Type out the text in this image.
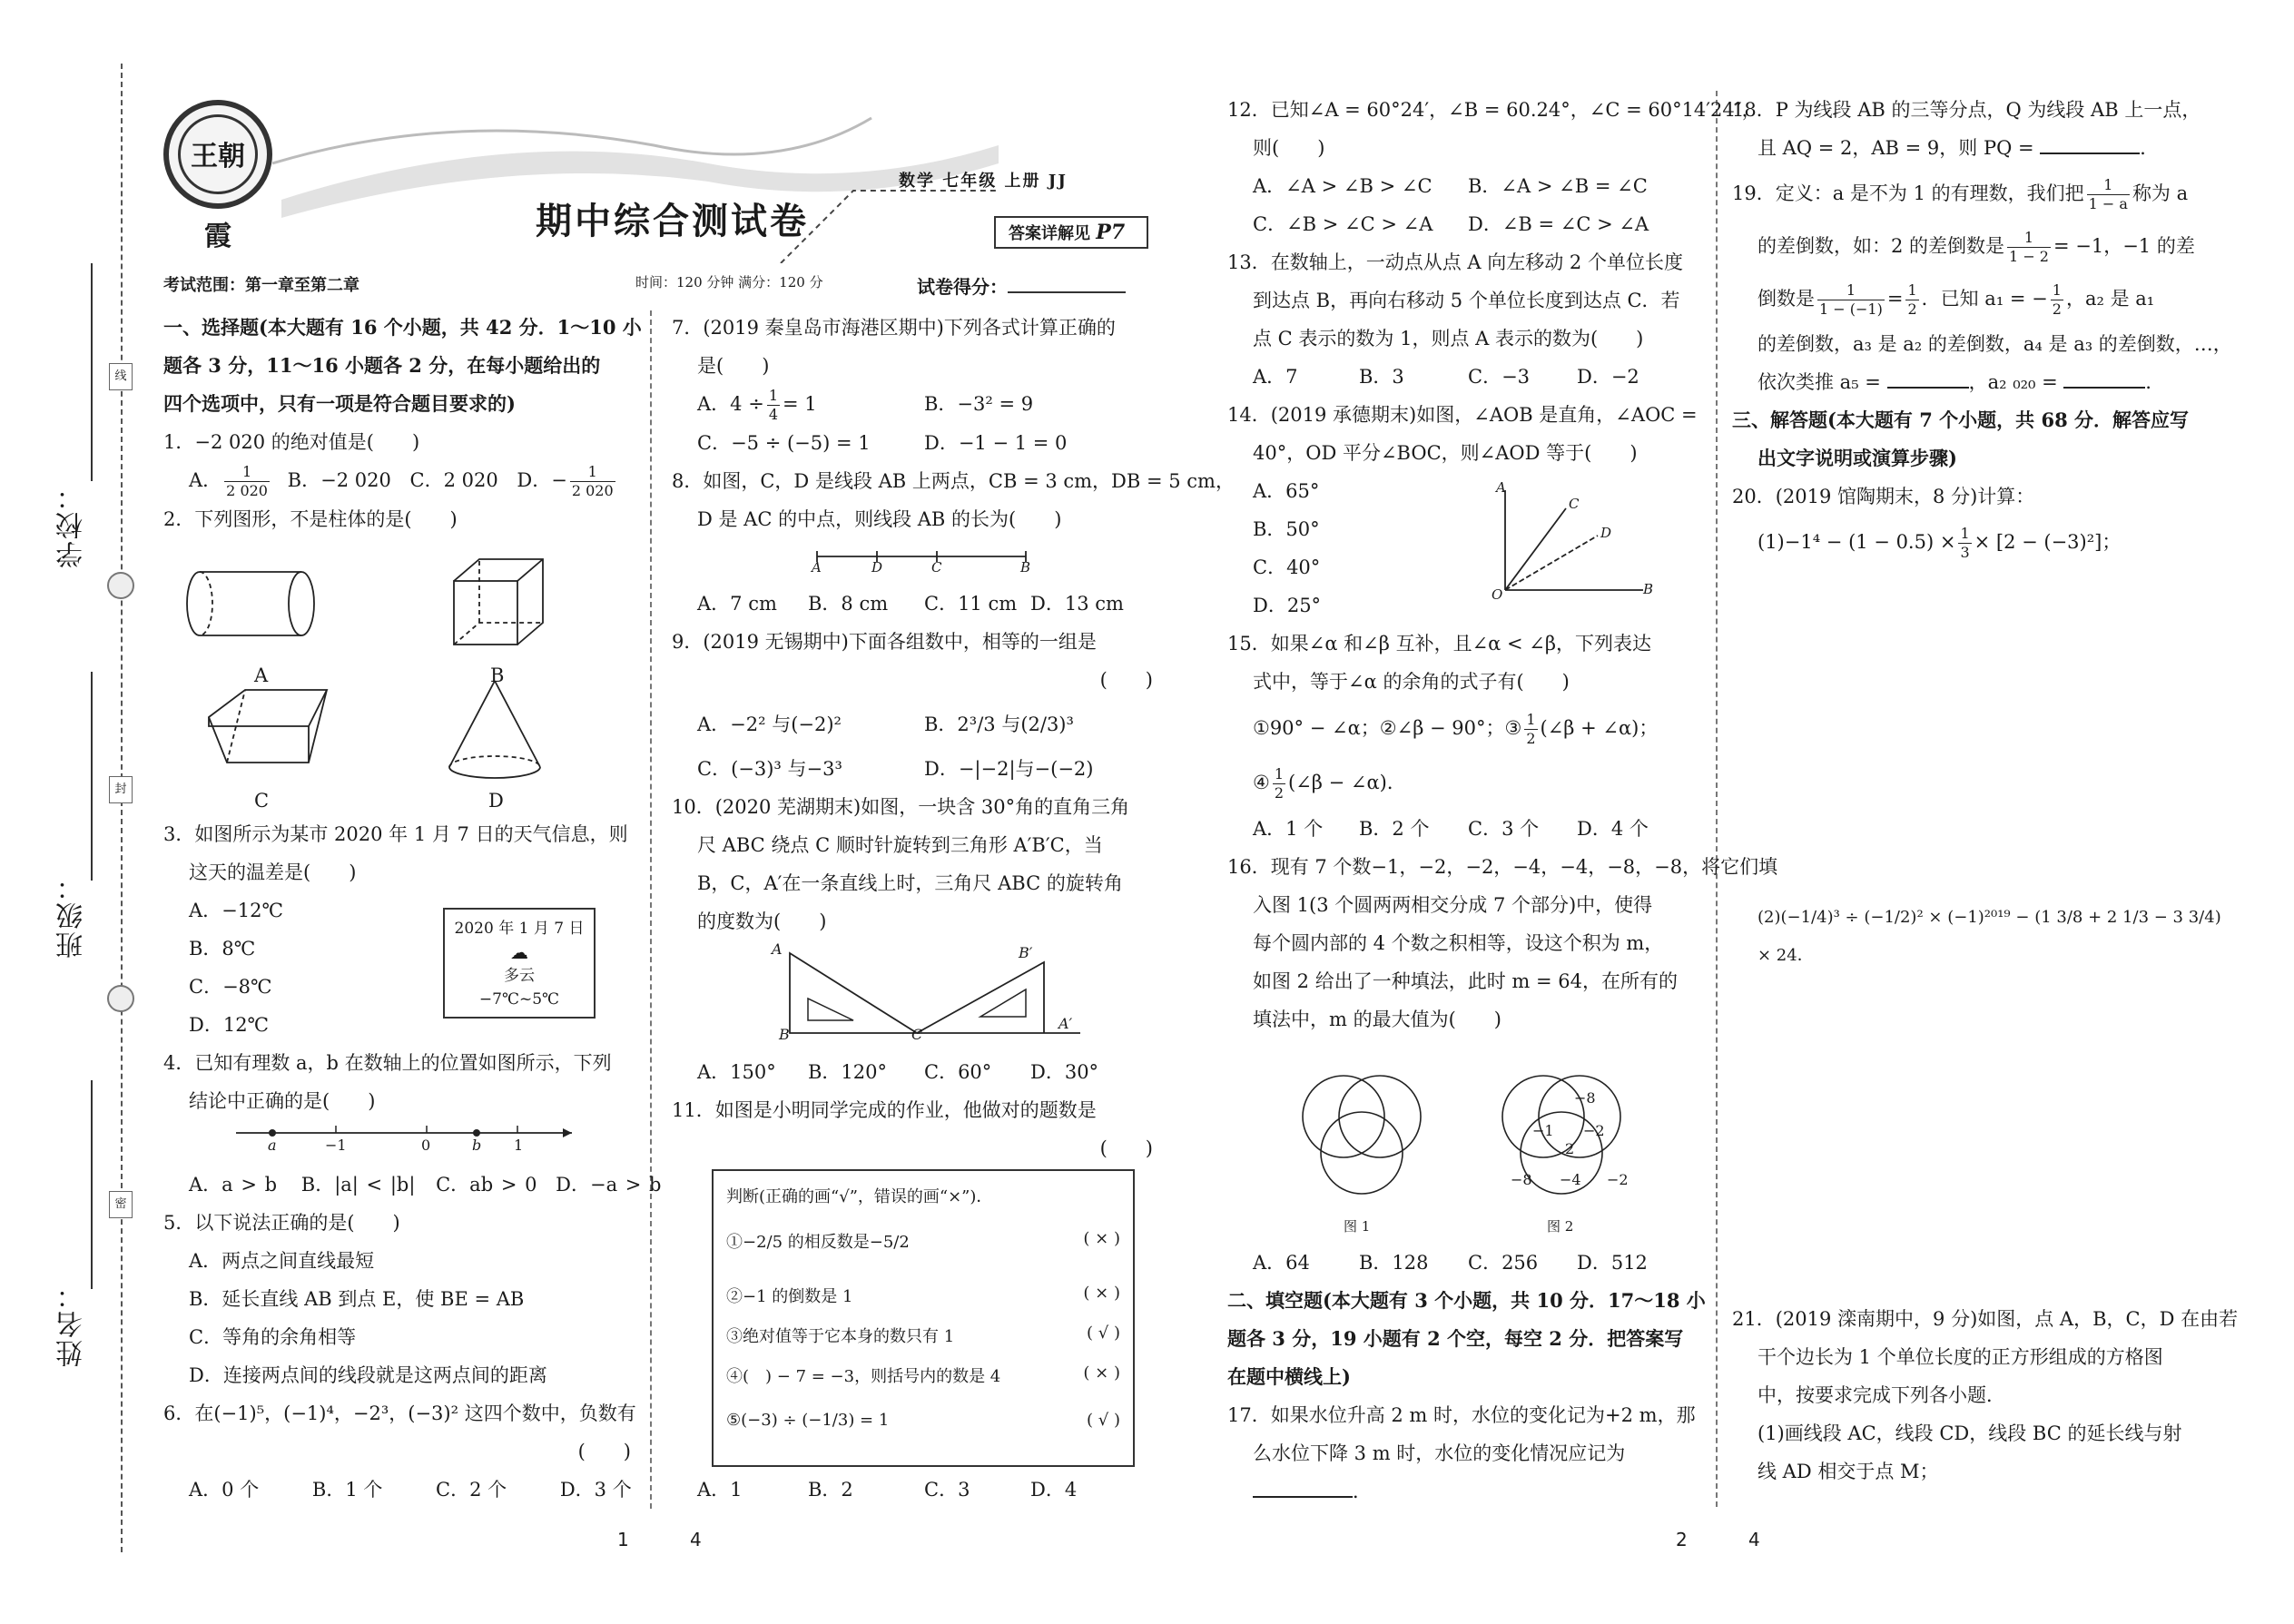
线
封
密
学校：
班级：
姓名：
王朝霞	期中综合测试卷
数学 七年级 上册 JJ
答案详解见 P7
考试范围：第一章至第二章	时间：120 分钟 满分：120 分	试卷得分：
一、选择题(本大题有 16 个小题，共 42 分．1～10 小
题各 3 分，11～16 小题各 2 分，在每小题给出的
四个选项中，只有一项是符合题目要求的)
1．−2 020 的绝对值是(　　)
A． $\frac{1}{2 020}$ B．−2 020 C．2 020 D．− $\frac{1}{2 020}$
2．下列图形，不是柱体的是(　　)
A	B
C	D
3．如图所示为某市 2020 年 1 月 7 日的天气信息，则
这天的温差是(　　)
A．−12℃
B．8℃
C．−8℃
D．12℃
4．已知有理数 a，b 在数轴上的位置如图所示，下列
结论中正确的是(　　)
2020 年 1 月 7 日
☁
多云
−7℃~5℃
a	−1	0	b 1
A．a > b B．|a| < |b| C．ab > 0 D．−a > b
5．以下说法正确的是(　　)
A．两点之间直线最短
B．延长直线 AB 到点 E，使 BE = AB
C．等角的余角相等
D．连接两点间的线段就是这两点间的距离
6．在(−1)⁵，(−1)⁴，−2³，(−3)² 这四个数中，负数有
(　　)
A．0 个	B．1 个	C．2 个	D．3 个
7．(2019 秦皇岛市海港区期中)下列各式计算正确的
是(　　)
A．$4 \div \frac{1}{4} = 1$	B．−3² = 9
C．−5 ÷ (−5) = 1	D．−1 − 1 = 0
8．如图，C，D 是线段 AB 上两点，CB = 3 cm，DB = 5 cm，
D 是 AC 的中点，则线段 AB 的长为(　　)
A	D	C	B
A．7 cm B．8 cm C．11 cm D．13 cm
9．(2019 无锡期中)下面各组数中，相等的一组是
(　　)
A．−2² 与(−2)²	B．2³/3 与(2/3)³
C．(−3)³ 与−3³	D．−|−2|与−(−2)
10．(2020 芜湖期末)如图，一块含 30°角的直角三角
尺 ABC 绕点 C 顺时针旋转到三角形 A′B′C，当
B，C，A′在一条直线上时，三角尺 ABC 的旋转角
的度数为(　　)
A
B	C
B′
A′
A．150° B．120° C．60° D．30°
11．如图是小明同学完成的作业，他做对的题数是
(　　)
判断(正确的画“√”，错误的画“×”)．
①−2/5 的相反数是−5/2	( × )
②−1 的倒数是 1	( × )
③绝对值等于它本身的数只有 1	( √ )
④(　) − 7 = −3，则括号内的数是 4	( × )
⑤(−3) ÷ (−1/3) = 1	( √ )
A．1	B．2	C．3	D．4
12．已知∠A = 60°24′，∠B = 60.24°，∠C = 60°14′24″，
则(　　)
A．∠A > ∠B > ∠C B．∠A > ∠B = ∠C
C．∠B > ∠C > ∠A D．∠B = ∠C > ∠A
13．在数轴上，一动点从点 A 向左移动 2 个单位长度
到达点 B，再向右移动 5 个单位长度到达点 C．若
点 C 表示的数为 1，则点 A 表示的数为(　　)
A．7	B．3	C．−3 D．−2
14．(2019 承德期末)如图，∠AOB 是直角，∠AOC =
40°，OD 平分∠BOC，则∠AOD 等于(　　)
A．65°
B．50°
C．40°
D．25°
15．如果∠α 和∠β 互补，且∠α < ∠β，下列表达
式中，等于∠α 的余角的式子有(　　)
①90° − ∠α；②∠β − 90°；③ $\frac{1}{2}$ (∠β + ∠α)；
④ $\frac{1}{2}$ (∠β − ∠α)．
A．1 个 B．2 个 C．3 个 D．4 个
16．现有 7 个数−1，−2，−2，−4，−4，−8，−8，将它们填
入图 1(3 个圆两两相交分成 7 个部分)中，使得
每个圆内部的 4 个数之积相等，设这个积为 m，
如图 2 给出了一种填法，此时 m = 64，在所有的
填法中，m 的最大值为(　　)
A
C
D
O	B
−8
−1 −2
2
−8 −4 −2
图 1	图 2
A．64	B．128 C．256 D．512
二、填空题(本大题有 3 个小题，共 10 分．17～18 小
题各 3 分，19 小题有 2 个空，每空 2 分．把答案写
在题中横线上)
17．如果水位升高 2 m 时，水位的变化记为+2 m，那
么水位下降 3 m 时，水位的变化情况应记为
．
18．P 为线段 AB 的三等分点，Q 为线段 AB 上一点，
且 AQ = 2，AB = 9，则 PQ =	．
19．定义：a 是不为 1 的有理数，我们把 $\frac{1}{1 - a}$ 称为 a
的差倒数，如：2 的差倒数是 $\frac{1}{1 - 2} = -1$，−1 的差
倒数是 $\frac{1}{1 - (-1)} = \frac{1}{2}$ ．已知 a₁ = − $\frac{1}{2}$ ，a₂ 是 a₁
的差倒数，a₃ 是 a₂ 的差倒数，a₄ 是 a₃ 的差倒数，…，
依次类推 a₅ =	，a₂ ₀₂₀ =	．
三、解答题(本大题有 7 个小题，共 68 分．解答应写
出文字说明或演算步骤)
20．(2019 馆陶期末，8 分)计算：
$(1)-1^4 - (1 - 0.5) \times \frac{1}{3} \times [2 - (-3)^2]$；
(2)(−1/4)³ ÷ (−1/2)² × (−1)²⁰¹⁹ − (1 3/8 + 2 1/3 − 3 3/4)
× 24．
21．(2019 滦南期中，9 分)如图，点 A，B，C，D 在由若
干个边长为 1 个单位长度的正方形组成的方格图
中，按要求完成下列各小题．
(1)画线段 AC，线段 CD，线段 BC 的延长线与射
线 AD 相交于点 M；
1	4	2	4
